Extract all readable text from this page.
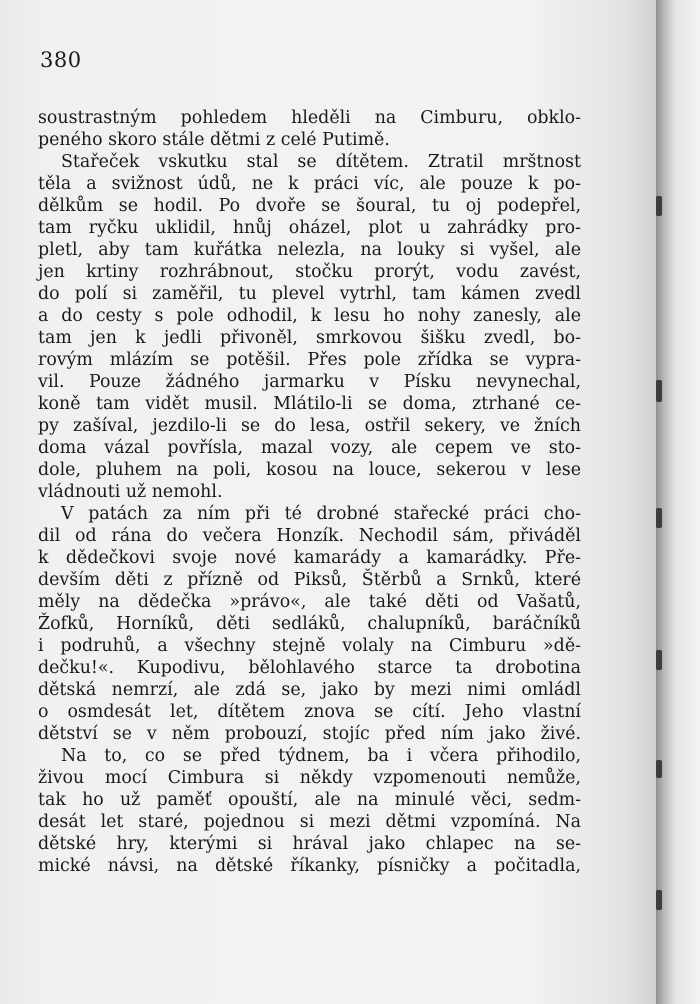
380
soustrastným pohledem hleděli na Cimburu, obklo-
peného skoro stále dětmi z celé Putimě.
Stařeček vskutku stal se dítětem. Ztratil mrštnost
těla a svižnost údů, ne k práci víc, ale pouze k po-
dělkům se hodil. Po dvoře se šoural, tu oj podepřel,
tam ryčku uklidil, hnůj oházel, plot u zahrádky pro-
pletl, aby tam kuřátka nelezla, na louky si vyšel, ale
jen krtiny rozhrábnout, stočku prorýt, vodu zavést,
do polí si zaměřil, tu plevel vytrhl, tam kámen zvedl
a do cesty s pole odhodil, k lesu ho nohy zanesly, ale
tam jen k jedli přivoněl, smrkovou šišku zvedl, bo-
rovým mlázím se potěšil. Přes pole zřídka se vypra-
vil. Pouze žádného jarmarku v Písku nevynechal,
koně tam vidět musil. Mlátilo-li se doma, ztrhané ce-
py zašíval, jezdilo-li se do lesa, ostřil sekery, ve žních
doma vázal povřísla, mazal vozy, ale cepem ve sto-
dole, pluhem na poli, kosou na louce, sekerou v lese
vládnouti už nemohl.
V patách za ním při té drobné stařecké práci cho-
dil od rána do večera Honzík. Nechodil sám, přiváděl
k dědečkovi svoje nové kamarády a kamarádky. Pře-
devším děti z přízně od Piksů, Štěrbů a Srnků, které
měly na dědečka »právo«, ale také děti od Vašatů,
Žofků, Horníků, děti sedláků, chalupníků, baráčníků
i podruhů, a všechny stejně volaly na Cimburu »dě-
dečku!«. Kupodivu, bělohlavého starce ta drobotina
dětská nemrzí, ale zdá se, jako by mezi nimi omládl
o osmdesát let, dítětem znova se cítí. Jeho vlastní
dětství se v něm probouzí, stojíc před ním jako živé.
Na to, co se před týdnem, ba i včera přihodilo,
živou mocí Cimbura si někdy vzpomenouti nemůže,
tak ho už paměť opouští, ale na minulé věci, sedm-
desát let staré, pojednou si mezi dětmi vzpomíná. Na
dětské hry, kterými si hrával jako chlapec na se-
mické návsi, na dětské říkanky, písničky a počitadla,
